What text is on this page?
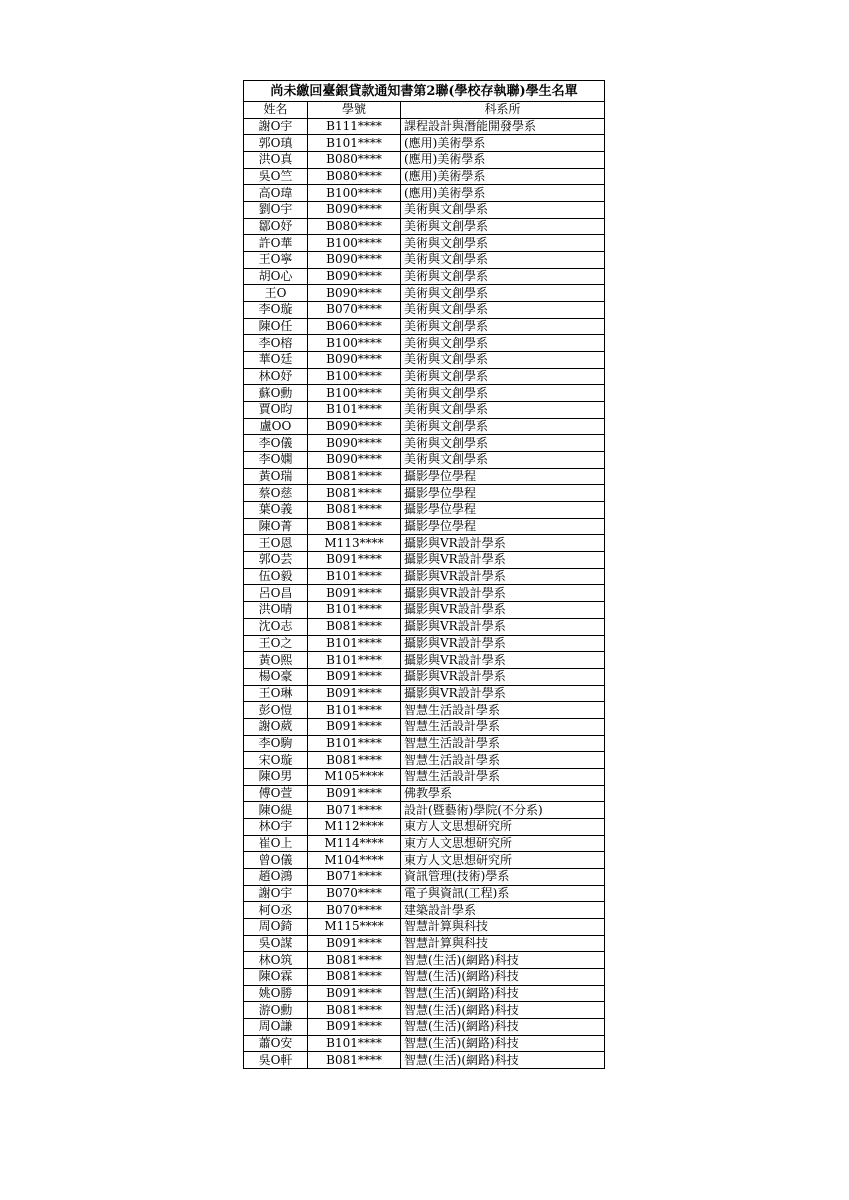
尚未繳回臺銀貸款通知書第2聯(學校存執聯)學生名單		
姓名	學號	科系所
謝O宇	B111****	課程設計與潛能開發學系
郭O瑱	B101****	(應用)美術學系
洪O真	B080****	(應用)美術學系
吳O竺	B080****	(應用)美術學系
高O瑋	B100****	(應用)美術學系
劉O宇	B090****	美術與文創學系
鄒O妤	B080****	美術與文創學系
許O華	B100****	美術與文創學系
王O寧	B090****	美術與文創學系
胡O心	B090****	美術與文創學系
王O	B090****	美術與文創學系
李O璇	B070****	美術與文創學系
陳O任	B060****	美術與文創學系
李O榕	B100****	美術與文創學系
華O廷	B090****	美術與文創學系
林O妤	B100****	美術與文創學系
蘇O勳	B100****	美術與文創學系
賈O昀	B101****	美術與文創學系
盧OO	B090****	美術與文創學系
李O儀	B090****	美術與文創學系
李O嫻	B090****	美術與文創學系
黃O瑞	B081****	攝影學位學程
蔡O慈	B081****	攝影學位學程
葉O義	B081****	攝影學位學程
陳O菁	B081****	攝影學位學程
王O恩	M113****	攝影與VR設計學系
郭O芸	B091****	攝影與VR設計學系
伍O毅	B101****	攝影與VR設計學系
呂O昌	B091****	攝影與VR設計學系
洪O晴	B101****	攝影與VR設計學系
沈O志	B081****	攝影與VR設計學系
王O之	B101****	攝影與VR設計學系
黃O熙	B101****	攝影與VR設計學系
楊O豪	B091****	攝影與VR設計學系
王O琳	B091****	攝影與VR設計學系
彭O愷	B101****	智慧生活設計學系
謝O葳	B091****	智慧生活設計學系
李O駒	B101****	智慧生活設計學系
宋O璇	B081****	智慧生活設計學系
陳O男	M105****	智慧生活設計學系
傅O萱	B091****	佛教學系
陳O緹	B071****	設計(暨藝術)學院(不分系)
林O宇	M112****	東方人文思想研究所
崔O上	M114****	東方人文思想研究所
曾O儀	M104****	東方人文思想研究所
趙O鴻	B071****	資訊管理(技術)學系
謝O宇	B070****	電子與資訊(工程)系
柯O丞	B070****	建築設計學系
周O錡	M115****	智慧計算與科技
吳O謀	B091****	智慧計算與科技
林O筑	B081****	智慧(生活)(網路)科技
陳O霖	B081****	智慧(生活)(網路)科技
姚O勝	B091****	智慧(生活)(網路)科技
游O勳	B081****	智慧(生活)(網路)科技
周O謙	B091****	智慧(生活)(網路)科技
蕭O安	B101****	智慧(生活)(網路)科技
吳O軒	B081****	智慧(生活)(網路)科技
